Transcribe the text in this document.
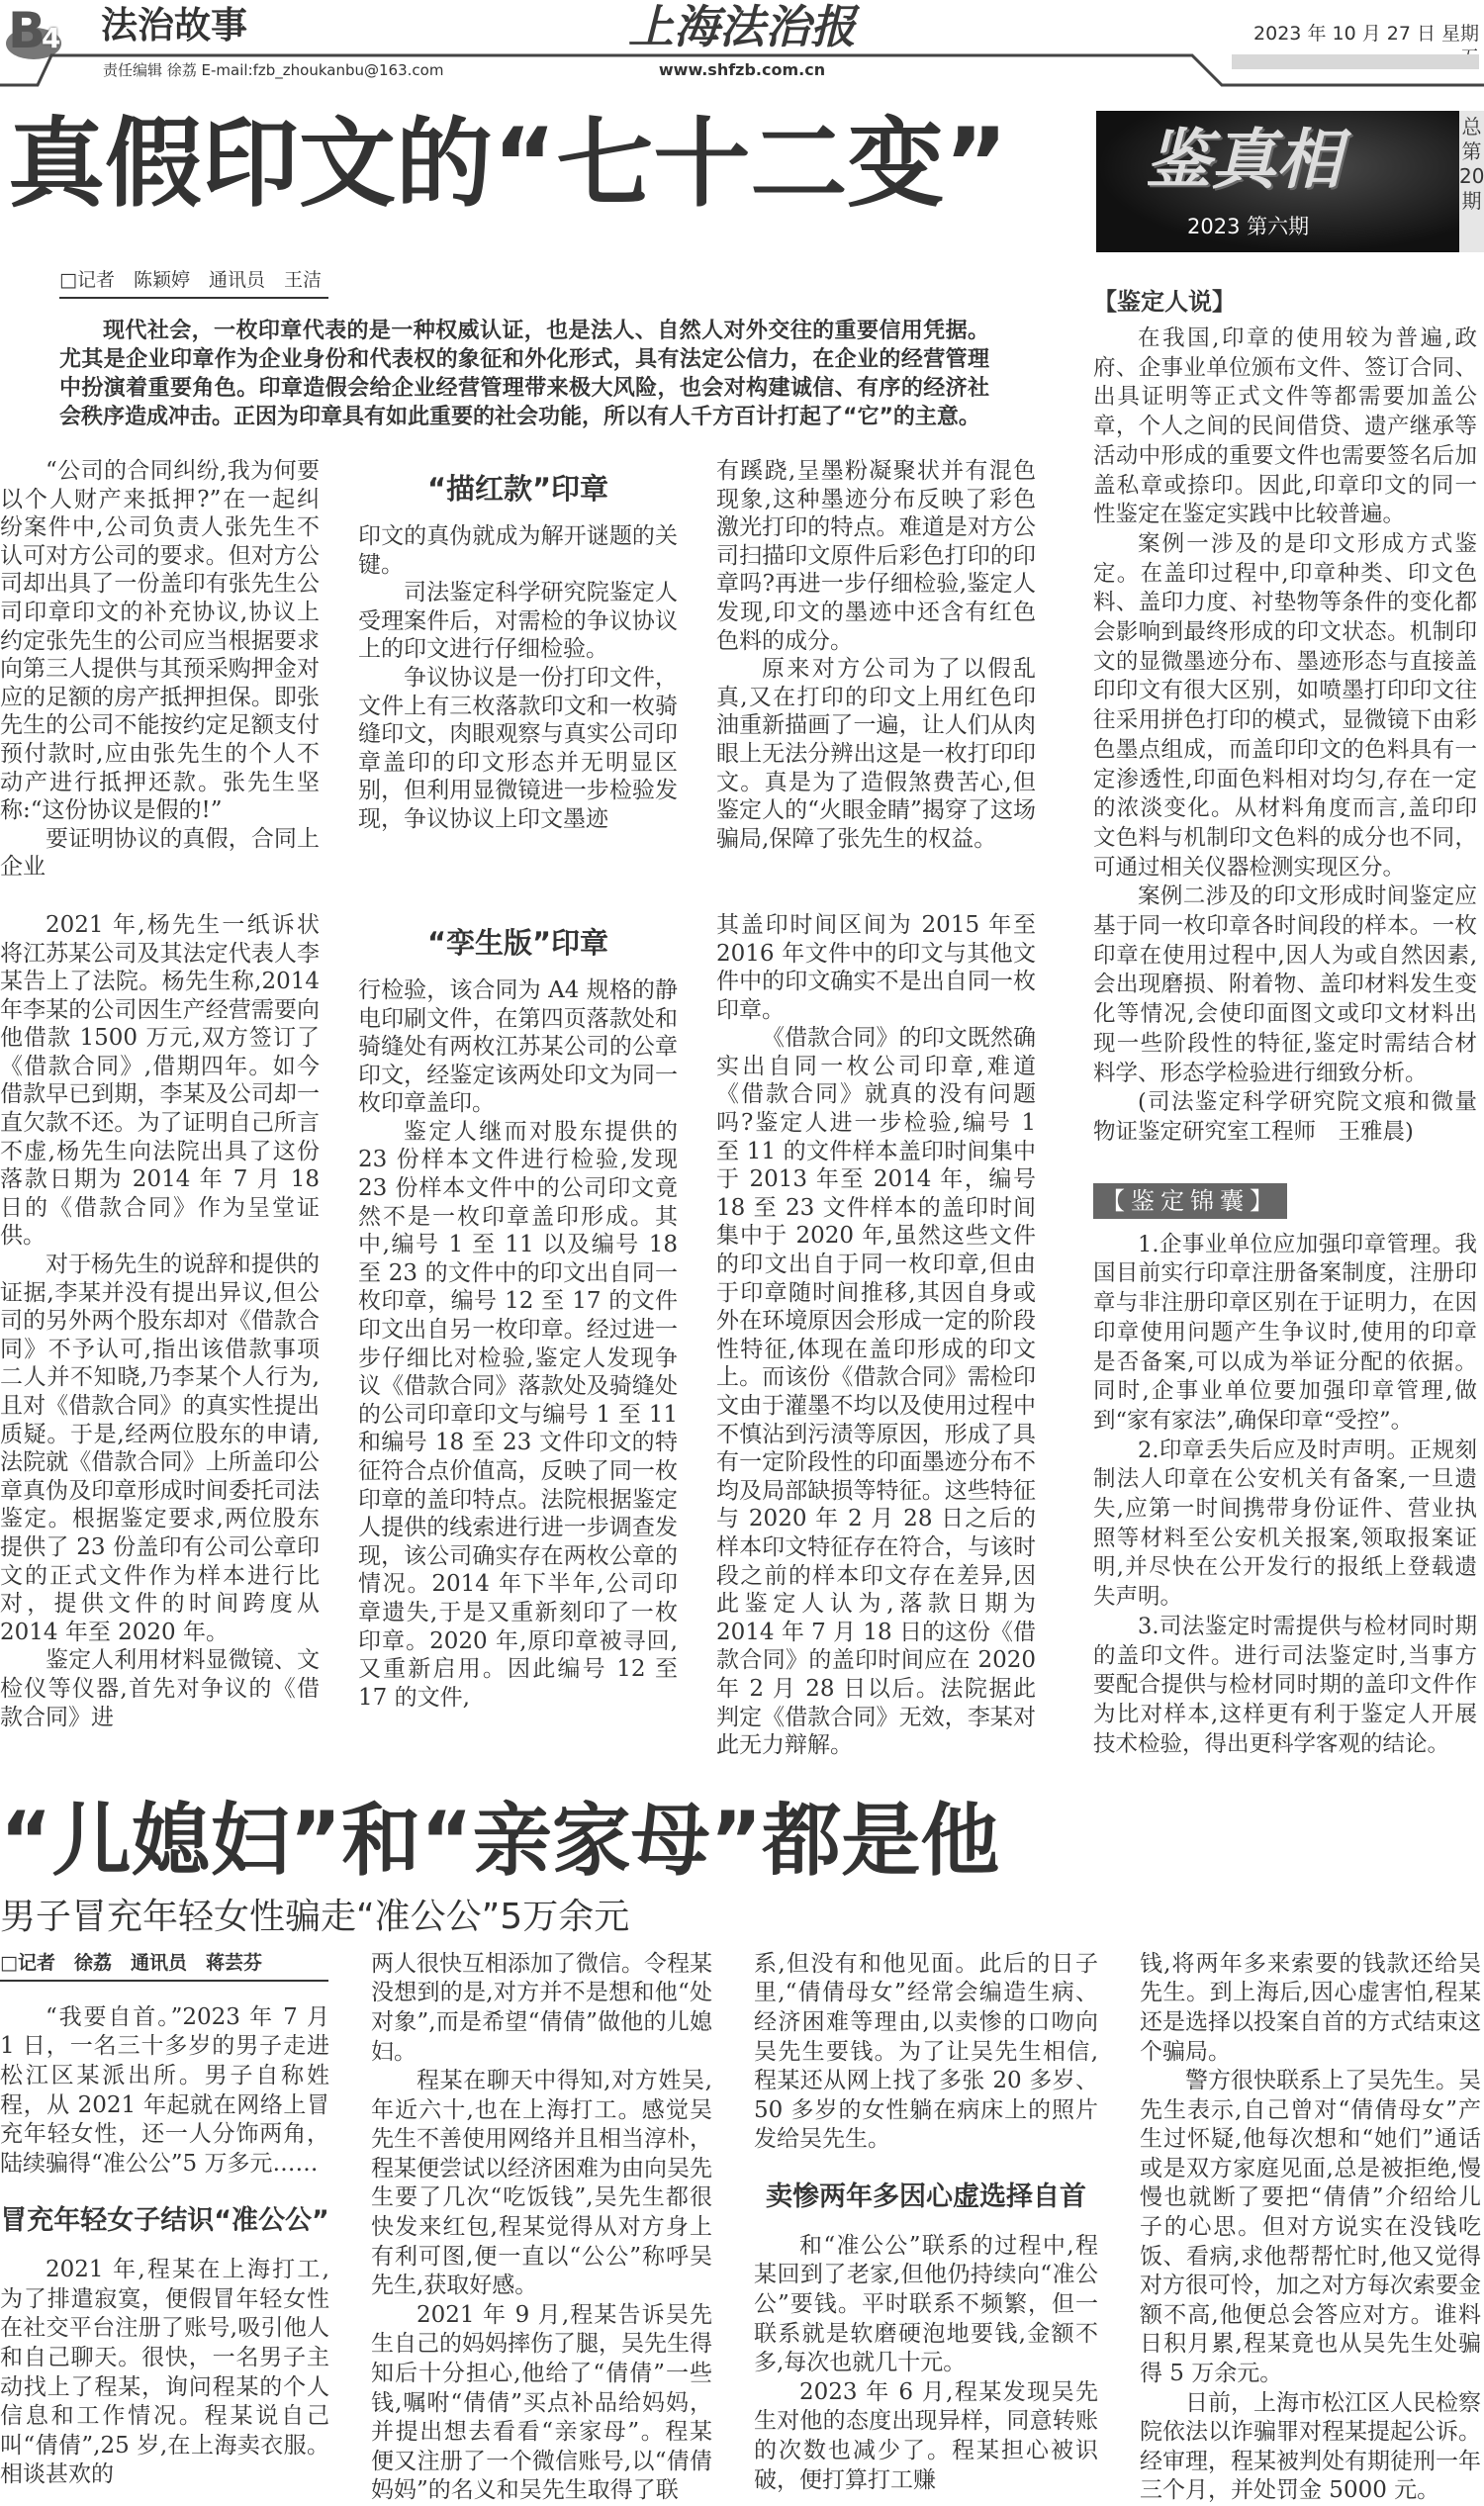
B
4 法治故事	上海法治报	2023 年 10 月 27 日 星期
责任编辑 徐荔 E-mail:fzb_zhoukanbu@163.com	www.shfzb.com.cn
真假印文的“七十二变”	鉴真相
2023 第六期
总第20期
□记者　陈颖婷　通讯员　王洁
现代社会，一枚印章代表的是一种权威认证，也是法人、自然人对外交往的重要信用凭据。尤其是企业印章作为企业身份和代表权的象征和外化形式，具有法定公信力，在企业的经营管理中扮演着重要角色。印章造假会给企业经营管理带来极大风险，也会对构建诚信、有序的经济社会秩序造成冲击。正因为印章具有如此重要的社会功能，所以有人千方百计打起了“它”的主意。

“公司的合同纠纷,我为何要以个人财产来抵押?”在一起纠纷案件中,公司负责人张先生不认可对方公司的要求。但对方公司却出具了一份盖印有张先生公司印章印文的补充协议,协议上约定张先生的公司应当根据要求向第三人提供与其预采购押金对应的足额的房产抵押担保。即张先生的公司不能按约定足额支付预付款时,应由张先生的个人不动产进行抵押还款。张先生坚称:“这份协议是假的!”

要证明协议的真假，合同上企业

“描红款”印章

印文的真伪就成为解开谜题的关键。

司法鉴定科学研究院鉴定人受理案件后，对需检的争议协议上的印文进行仔细检验。

争议协议是一份打印文件，文件上有三枚落款印文和一枚骑缝印文，肉眼观察与真实公司印章盖印的印文形态并无明显区别，但利用显微镜进一步检验发现，争议协议上印文墨迹

有蹊跷,呈墨粉凝聚状并有混色现象,这种墨迹分布反映了彩色激光打印的特点。难道是对方公司扫描印文原件后彩色打印的印章吗?再进一步仔细检验,鉴定人发现,印文的墨迹中还含有红色色料的成分。

原来对方公司为了以假乱真,又在打印的印文上用红色印油重新描画了一遍，让人们从肉眼上无法分辨出这是一枚打印印文。真是为了造假煞费苦心,但鉴定人的“火眼金睛”揭穿了这场骗局,保障了张先生的权益。

2021 年,杨先生一纸诉状将江苏某公司及其法定代表人李某告上了法院。杨先生称,2014 年李某的公司因生产经营需要向他借款 1500 万元,双方签订了《借款合同》,借期四年。如今借款早已到期，李某及公司却一直欠款不还。为了证明自己所言不虚,杨先生向法院出具了这份落款日期为 2014 年 7 月 18 日的《借款合同》作为呈堂证供。

对于杨先生的说辞和提供的证据,李某并没有提出异议,但公司的另外两个股东却对《借款合同》不予认可,指出该借款事项二人并不知晓,乃李某个人行为,且对《借款合同》的真实性提出质疑。于是,经两位股东的申请,法院就《借款合同》上所盖印公章真伪及印章形成时间委托司法鉴定。根据鉴定要求,两位股东提供了 23 份盖印有公司公章印文的正式文件作为样本进行比对，提供文件的时间跨度从 2014 年至 2020 年。

鉴定人利用材料显微镜、文检仪等仪器,首先对争议的《借款合同》进

“孪生版”印章

行检验，该合同为 A4 规格的静电印刷文件，在第四页落款处和骑缝处有两枚江苏某公司的公章印文，经鉴定该两处印文为同一枚印章盖印。

鉴定人继而对股东提供的 23 份样本文件进行检验,发现 23 份样本文件中的公司印文竟然不是一枚印章盖印形成。其中,编号 1 至 11 以及编号 18 至 23 的文件中的印文出自同一枚印章，编号 12 至 17 的文件印文出自另一枚印章。经过进一步仔细比对检验,鉴定人发现争议《借款合同》落款处及骑缝处的公司印章印文与编号 1 至 11 和编号 18 至 23 文件印文的特征符合点价值高，反映了同一枚印章的盖印特点。法院根据鉴定人提供的线索进行进一步调查发现，该公司确实存在两枚公章的情况。2014 年下半年,公司印章遗失,于是又重新刻印了一枚印章。2020 年,原印章被寻回,又重新启用。因此编号 12 至 17 的文件,

其盖印时间区间为 2015 年至 2016 年文件中的印文与其他文件中的印文确实不是出自同一枚印章。

《借款合同》的印文既然确实出自同一枚公司印章,难道《借款合同》就真的没有问题吗?鉴定人进一步检验,编号 1 至 11 的文件样本盖印时间集中于 2013 年至 2014 年，编号 18 至 23 文件样本的盖印时间集中于 2020 年,虽然这些文件的印文出自于同一枚印章,但由于印章随时间推移,其因自身或外在环境原因会形成一定的阶段性特征,体现在盖印形成的印文上。而该份《借款合同》需检印文由于灌墨不均以及使用过程中不慎沾到污渍等原因，形成了具有一定阶段性的印面墨迹分布不均及局部缺损等特征。这些特征与 2020 年 2 月 28 日之后的样本印文特征存在符合，与该时段之前的样本印文存在差异,因此鉴定人认为,落款日期为 2014 年 7 月 18 日的这份《借款合同》的盖印时间应在 2020 年 2 月 28 日以后。法院据此判定《借款合同》无效，李某对此无力辩解。

【鉴定人说】

在我国,印章的使用较为普遍,政府、企事业单位颁布文件、签订合同、出具证明等正式文件等都需要加盖公章，个人之间的民间借贷、遗产继承等活动中形成的重要文件也需要签名后加盖私章或捺印。因此,印章印文的同一性鉴定在鉴定实践中比较普遍。

案例一涉及的是印文形成方式鉴定。在盖印过程中,印章种类、印文色料、盖印力度、衬垫物等条件的变化都会影响到最终形成的印文状态。机制印文的显微墨迹分布、墨迹形态与直接盖印印文有很大区别，如喷墨打印印文往往采用拼色打印的模式，显微镜下由彩色墨点组成，而盖印印文的色料具有一定渗透性,印面色料相对均匀,存在一定的浓淡变化。从材料角度而言,盖印印文色料与机制印文色料的成分也不同，可通过相关仪器检测实现区分。

案例二涉及的印文形成时间鉴定应基于同一枚印章各时间段的样本。一枚印章在使用过程中,因人为或自然因素,会出现磨损、附着物、盖印材料发生变化等情况,会使印面图文或印文材料出现一些阶段性的特征,鉴定时需结合材料学、形态学检验进行细致分析。

(司法鉴定科学研究院文痕和微量物证鉴定研究室工程师　王雅晨)

【鉴定锦囊】

1.企事业单位应加强印章管理。我国目前实行印章注册备案制度，注册印章与非注册印章区别在于证明力，在因印章使用问题产生争议时,使用的印章是否备案,可以成为举证分配的依据。同时,企事业单位要加强印章管理,做到“家有家法”,确保印章“受控”。

2.印章丢失后应及时声明。正规刻制法人印章在公安机关有备案,一旦遗失,应第一时间携带身份证件、营业执照等材料至公安机关报案,领取报案证明,并尽快在公开发行的报纸上登载遗失声明。

3.司法鉴定时需提供与检材同时期的盖印文件。进行司法鉴定时,当事方要配合提供与检材同时期的盖印文件作为比对样本,这样更有利于鉴定人开展技术检验，得出更科学客观的结论。

“儿媳妇”和“亲家母”都是他
男子冒充年轻女性骗走“准公公”5万余元
□记者　徐荔　通讯员　蒋芸芬

“我要自首。”2023 年 7 月 1 日，一名三十多岁的男子走进松江区某派出所。男子自称姓程，从 2021 年起就在网络上冒充年轻女性，还一人分饰两角，陆续骗得“准公公”5 万多元……

冒充年轻女子结识“准公公”

2021 年,程某在上海打工,为了排遣寂寞，便假冒年轻女性在社交平台注册了账号,吸引他人和自己聊天。很快，一名男子主动找上了程某，询问程某的个人信息和工作情况。程某说自己叫“倩倩”,25 岁,在上海卖衣服。相谈甚欢的

两人很快互相添加了微信。令程某没想到的是,对方并不是想和他“处对象”,而是希望“倩倩”做他的儿媳妇。

程某在聊天中得知,对方姓吴,年近六十,也在上海打工。感觉吴先生不善使用网络并且相当淳朴，程某便尝试以经济困难为由向吴先生要了几次“吃饭钱”,吴先生都很快发来红包,程某觉得从对方身上有利可图,便一直以“公公”称呼吴先生,获取好感。

2021 年 9 月,程某告诉吴先生自己的妈妈摔伤了腿，吴先生得知后十分担心,他给了“倩倩”一些钱,嘱咐“倩倩”买点补品给妈妈，并提出想去看看“亲家母”。程某便又注册了一个微信账号,以“倩倩妈妈”的名义和吴先生取得了联

系,但没有和他见面。此后的日子里,“倩倩母女”经常会编造生病、经济困难等理由,以卖惨的口吻向吴先生要钱。为了让吴先生相信,程某还从网上找了多张 20 多岁、50 多岁的女性躺在病床上的照片发给吴先生。

卖惨两年多因心虚选择自首

和“准公公”联系的过程中,程某回到了老家,但他仍持续向“准公公”要钱。平时联系不频繁，但一联系就是软磨硬泡地要钱,金额不多,每次也就几十元。

2023 年 6 月,程某发现吴先生对他的态度出现异样，同意转账的次数也减少了。程某担心被识破，便打算打工赚

钱,将两年多来索要的钱款还给吴先生。到上海后,因心虚害怕,程某还是选择以投案自首的方式结束这个骗局。

警方很快联系上了吴先生。吴先生表示,自己曾对“倩倩母女”产生过怀疑,他每次想和“她们”通话或是双方家庭见面,总是被拒绝,慢慢也就断了要把“倩倩”介绍给儿子的心思。但对方说实在没钱吃饭、看病,求他帮帮忙时,他又觉得对方很可怜，加之对方每次索要金额不高,他便总会答应对方。谁料日积月累,程某竟也从吴先生处骗得 5 万余元。

日前，上海市松江区人民检察院依法以诈骗罪对程某提起公诉。经审理，程某被判处有期徒刑一年三个月，并处罚金 5000 元。
